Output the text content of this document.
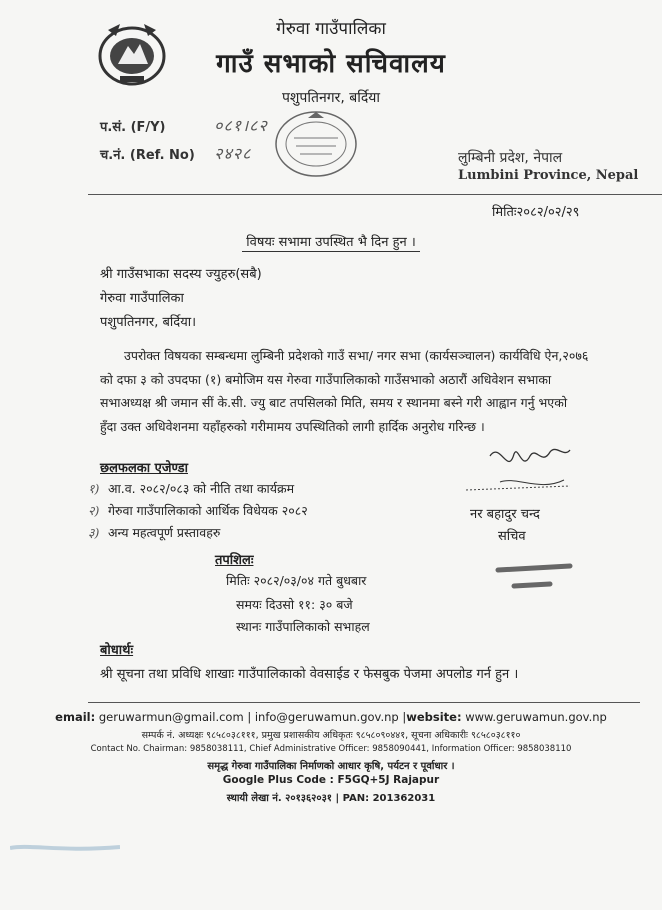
गेरुवा गाउँपालिका
गाउँ सभाको सचिवालय
पशुपतिनगर, बर्दिया
प.सं. (F/Y)	०८१।८२
च.नं. (Ref. No) २४२८	लुम्बिनी प्रदेश, नेपाल
Lumbini Province, Nepal
मितिः२०८२/०२/२९
विषयः सभामा उपस्थित भै दिन हुन ।
श्री गाउँसभाका सदस्य ज्युहरु(सबै)
गेरुवा गाउँपालिका
पशुपतिनगर, बर्दिया।
उपरोक्त विषयका सम्बन्धमा लुम्बिनी प्रदेशको गाउँ सभा/ नगर सभा (कार्यसञ्चालन) कार्यविधि ऐन,२०७६
को दफा ३ को उपदफा (१) बमोजिम यस गेरुवा गाउँपालिकाको गाउँसभाको अठारौं अधिवेशन सभाका
सभाअध्यक्ष श्री जमान सीं के.सी. ज्यु बाट तपसिलको मिति, समय र स्थानमा बस्ने गरी आह्वान गर्नु भएको
हुँदा उक्त अधिवेशनमा यहाँहरुको गरीमामय उपस्थितिको लागी हार्दिक अनुरोध गरिन्छ ।
छलफलका एजेण्डा
१) आ.व. २०८२/०८३ को नीति तथा कार्यक्रम
२) गेरुवा गाउँपालिकाको आर्थिक विधेयक २०८२
३) अन्य महत्वपूर्ण प्रस्तावहरु
नर बहादुर चन्द
सचिव
तपशिलः
मितिः २०८२/०३/०४ गते बुधबार
समयः दिउसो ११: ३० बजे
स्थानः गाउँपालिकाको सभाहल
बोधार्थः
श्री सूचना तथा प्रविधि शाखाः गाउँपालिकाको वेवसाईड र फेसबुक पेजमा अपलोड गर्न हुन ।
email: geruwarmun@gmail.com | info@geruwamun.gov.np |website: www.geruwamun.gov.np
सम्पर्क नं. अध्यक्षः ९८५८०३८१११, प्रमुख प्रशासकीय अधिकृतः ९८५८०९०४४१, सूचना अधिकारीः ९८५८०३८११०
Contact No. Chairman: 9858038111, Chief Administrative Officer: 9858090441, Information Officer: 9858038110
समृद्ध गेरुवा गाउँपालिका निर्माणको आधार कृषि, पर्यटन र पूर्वाधार ।
Google Plus Code : F5GQ+5J Rajapur
स्थायी लेखा नं. २०१३६२०३१ | PAN: 201362031
